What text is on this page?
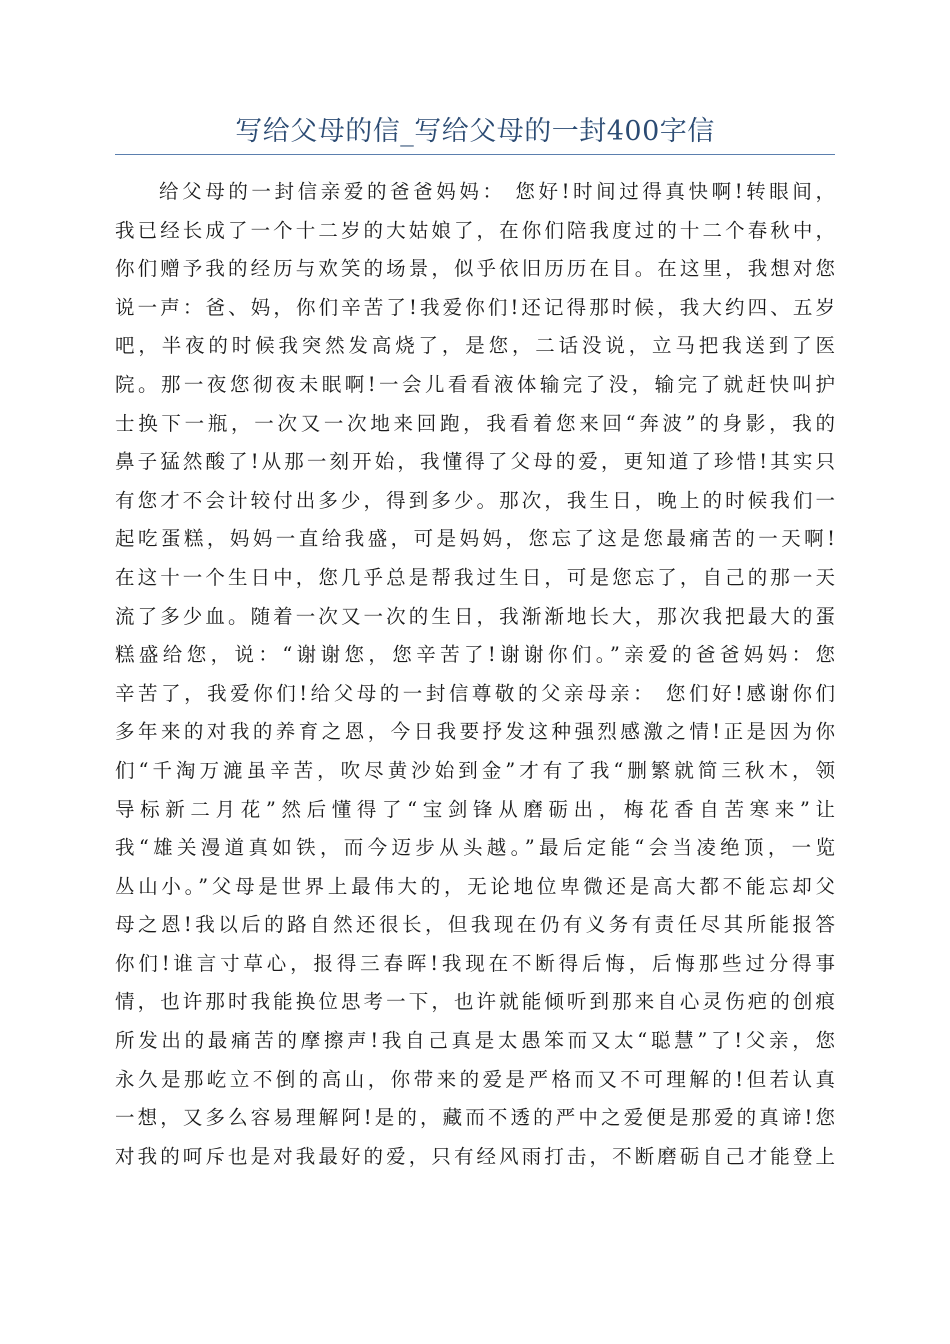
写给父母的信_写给父母的一封400字信
给父母的一封信亲爱的爸爸妈妈： 您好!时间过得真快啊!转眼间，
我已经长成了一个十二岁的大姑娘了，在你们陪我度过的十二个春秋中，
你们赠予我的经历与欢笑的场景，似乎依旧历历在目。在这里，我想对您
说一声：爸、妈，你们辛苦了!我爱你们!还记得那时候，我大约四、五岁
吧，半夜的时候我突然发高烧了，是您，二话没说，立马把我送到了医
院。那一夜您彻夜未眠啊!一会儿看看液体输完了没，输完了就赶快叫护
士换下一瓶，一次又一次地来回跑，我看着您来回“奔波”的身影，我的
鼻子猛然酸了!从那一刻开始，我懂得了父母的爱，更知道了珍惜!其实只
有您才不会计较付出多少，得到多少。那次，我生日，晚上的时候我们一
起吃蛋糕，妈妈一直给我盛，可是妈妈，您忘了这是您最痛苦的一天啊!
在这十一个生日中，您几乎总是帮我过生日，可是您忘了，自己的那一天
流了多少血。随着一次又一次的生日，我渐渐地长大，那次我把最大的蛋
糕盛给您，说：“谢谢您，您辛苦了!谢谢你们。”亲爱的爸爸妈妈：您
辛苦了，我爱你们!给父母的一封信尊敬的父亲母亲： 您们好!感谢你们
多年来的对我的养育之恩，今日我要抒发这种强烈感激之情!正是因为你
们“千淘万漉虽辛苦，吹尽黄沙始到金”才有了我“删繁就简三秋木，领
导标新二月花”然后懂得了“宝剑锋从磨砺出，梅花香自苦寒来”让
我“雄关漫道真如铁，而今迈步从头越。”最后定能“会当凌绝顶，一览
丛山小。”父母是世界上最伟大的，无论地位卑微还是高大都不能忘却父
母之恩!我以后的路自然还很长，但我现在仍有义务有责任尽其所能报答
你们!谁言寸草心，报得三春晖!我现在不断得后悔，后悔那些过分得事
情，也许那时我能换位思考一下，也许就能倾听到那来自心灵伤疤的创痕
所发出的最痛苦的摩擦声!我自己真是太愚笨而又太“聪慧”了!父亲，您
永久是那屹立不倒的高山，你带来的爱是严格而又不可理解的!但若认真
一想，又多么容易理解阿!是的，藏而不透的严中之爱便是那爱的真谛!您
对我的呵斥也是对我最好的爱，只有经风雨打击，不断磨砺自己才能登上
